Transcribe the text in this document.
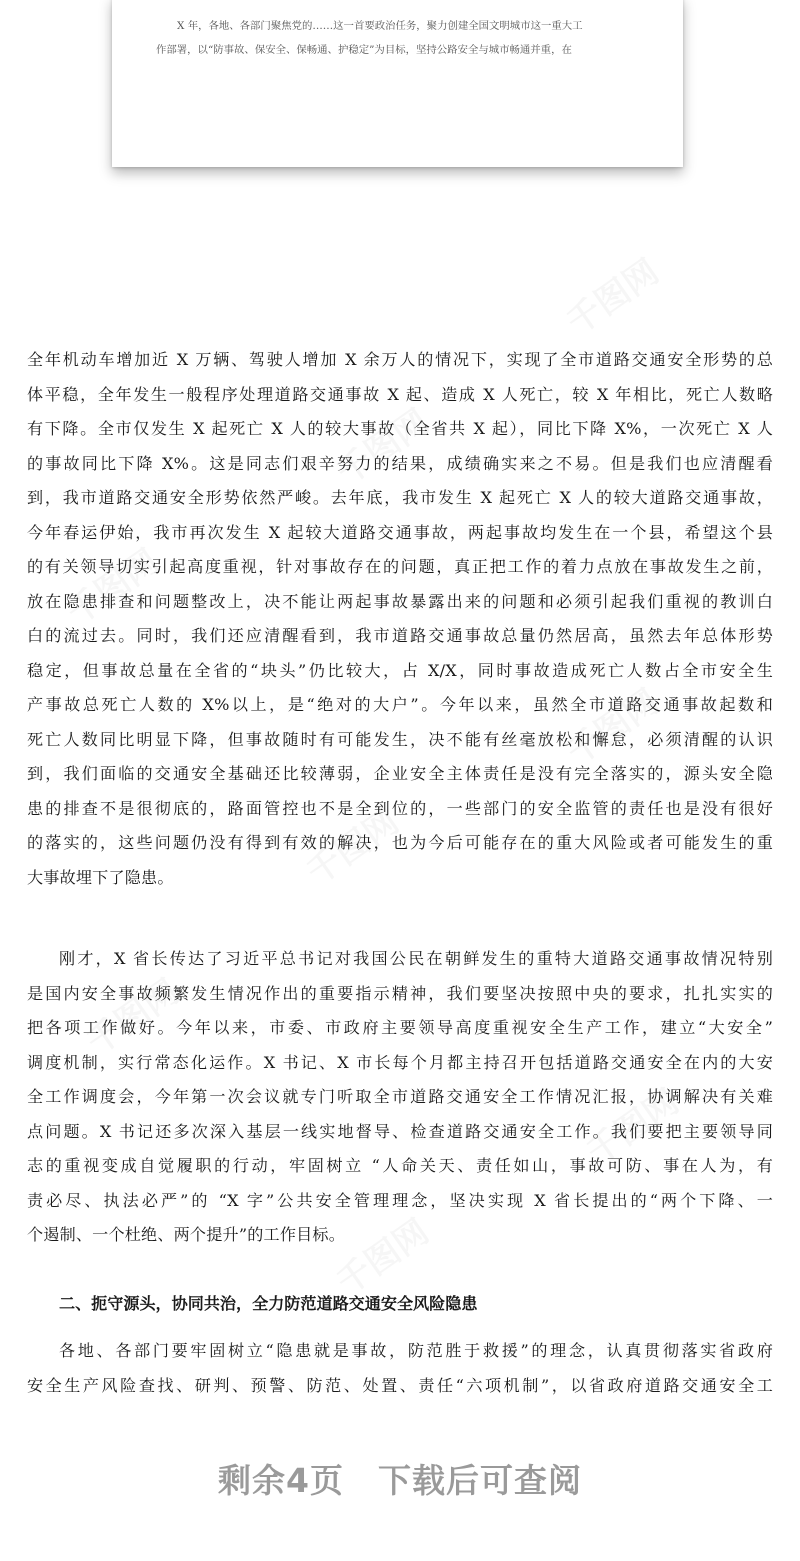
X 年，各地、各部门聚焦党的……这一首要政治任务，聚力创建全国文明城市这一重大工
作部署，以“防事故、保安全、保畅通、护稳定”为目标，坚持公路安全与城市畅通并重，在
全年机动车增加近 X 万辆、驾驶人增加 X 余万人的情况下，实现了全市道路交通安全形势的总
体平稳，全年发生一般程序处理道路交通事故 X 起、造成 X 人死亡，较 X 年相比，死亡人数略
有下降。全市仅发生 X 起死亡 X 人的较大事故（全省共 X 起），同比下降 X%，一次死亡 X 人
的事故同比下降 X%。这是同志们艰辛努力的结果，成绩确实来之不易。但是我们也应清醒看
到，我市道路交通安全形势依然严峻。去年底，我市发生 X 起死亡 X 人的较大道路交通事故，
今年春运伊始，我市再次发生 X 起较大道路交通事故，两起事故均发生在一个县，希望这个县
的有关领导切实引起高度重视，针对事故存在的问题，真正把工作的着力点放在事故发生之前，
放在隐患排查和问题整改上，决不能让两起事故暴露出来的问题和必须引起我们重视的教训白
白的流过去。同时，我们还应清醒看到，我市道路交通事故总量仍然居高，虽然去年总体形势
稳定，但事故总量在全省的“块头”仍比较大，占 X/X，同时事故造成死亡人数占全市安全生
产事故总死亡人数的 X%以上，是“绝对的大户”。今年以来，虽然全市道路交通事故起数和
死亡人数同比明显下降，但事故随时有可能发生，决不能有丝毫放松和懈怠，必须清醒的认识
到，我们面临的交通安全基础还比较薄弱，企业安全主体责任是没有完全落实的，源头安全隐
患的排查不是很彻底的，路面管控也不是全到位的，一些部门的安全监管的责任也是没有很好
的落实的，这些问题仍没有得到有效的解决，也为今后可能存在的重大风险或者可能发生的重
大事故埋下了隐患。
刚才，X 省长传达了习近平总书记对我国公民在朝鲜发生的重特大道路交通事故情况特别
是国内安全事故频繁发生情况作出的重要指示精神，我们要坚决按照中央的要求，扎扎实实的
把各项工作做好。今年以来，市委、市政府主要领导高度重视安全生产工作，建立“大安全”
调度机制，实行常态化运作。X 书记、X 市长每个月都主持召开包括道路交通安全在内的大安
全工作调度会，今年第一次会议就专门听取全市道路交通安全工作情况汇报，协调解决有关难
点问题。X 书记还多次深入基层一线实地督导、检查道路交通安全工作。我们要把主要领导同
志的重视变成自觉履职的行动，牢固树立 “人命关天、责任如山，事故可防、事在人为，有
责必尽、执法必严”的 “X 字”公共安全管理理念，坚决实现 X 省长提出的“两个下降、一
个遏制、一个杜绝、两个提升”的工作目标。
二、扼守源头，协同共治，全力防范道路交通安全风险隐患
各地、各部门要牢固树立“隐患就是事故，防范胜于救援”的理念，认真贯彻落实省政府
安全生产风险查找、研判、预警、防范、处置、责任“六项机制”，以省政府道路交通安全工
剩余4页 下载后可查阅
